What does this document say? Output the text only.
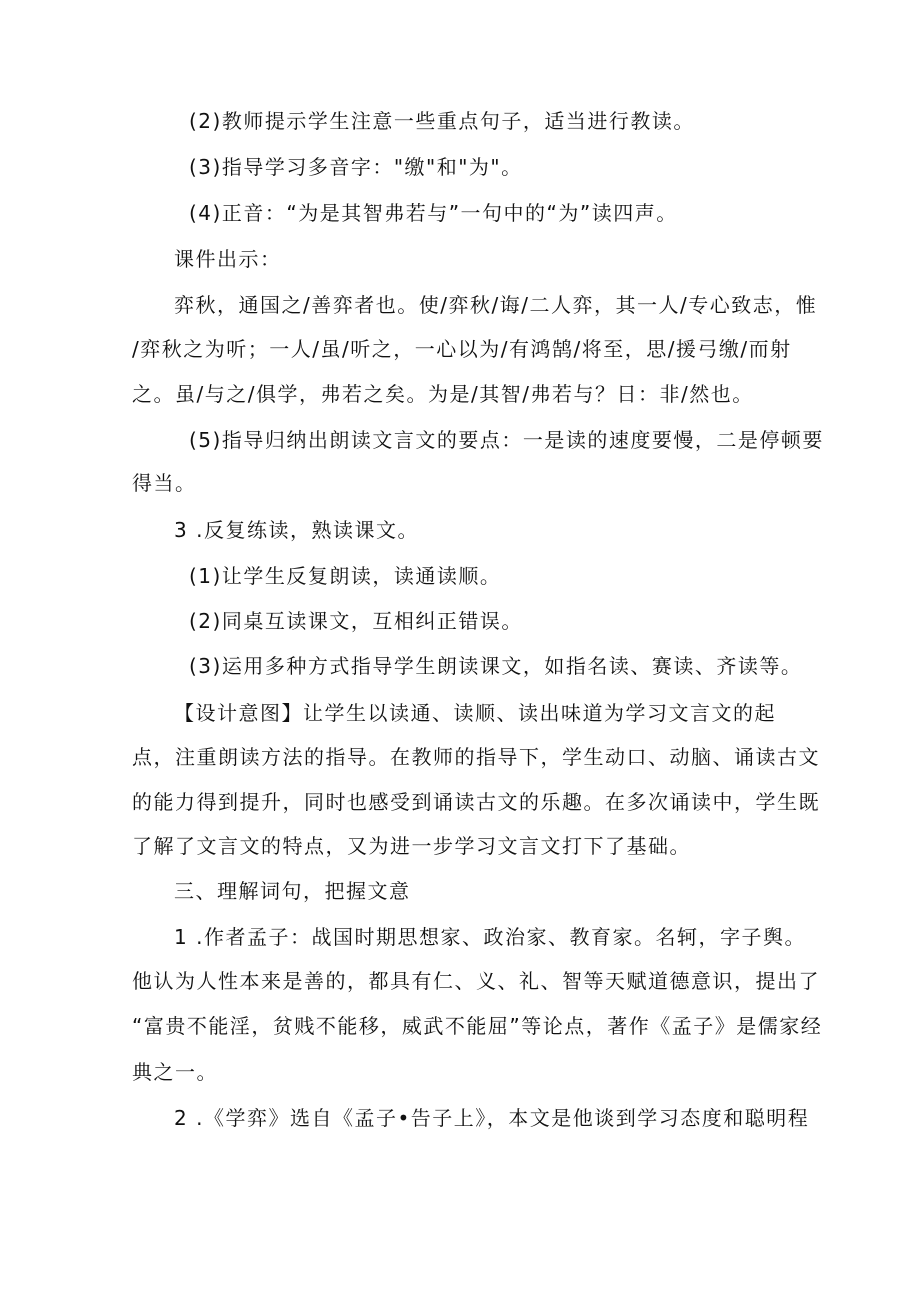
(2)教师提示学生注意一些重点句子，适当进行教读。
(3)指导学习多音字："缴"和"为"。
(4)正音：“为是其智弗若与”一句中的“为”读四声。
课件出示：
弈秋，通国之/善弈者也。使/弈秋/诲/二人弈，其一人/专心致志，惟
/弈秋之为听；一人/虽/听之，一心以为/有鸿鹄/将至，思/援弓缴/而射
之。虽/与之/俱学，弗若之矣。为是/其智/弗若与？日：非/然也。
(5)指导归纳出朗读文言文的要点：一是读的速度要慢，二是停顿要
得当。
3 .反复练读，熟读课文。
(1)让学生反复朗读，读通读顺。
(2)同桌互读课文，互相纠正错误。
(3)运用多种方式指导学生朗读课文，如指名读、赛读、齐读等。
【设计意图】让学生以读通、读顺、读出味道为学习文言文的起
点，注重朗读方法的指导。在教师的指导下，学生动口、动脑、诵读古文
的能力得到提升，同时也感受到诵读古文的乐趣。在多次诵读中，学生既
了解了文言文的特点，又为进一步学习文言文打下了基础。
三、理解词句，把握文意
1 .作者孟子：战国时期思想家、政治家、教育家。名轲，字子舆。
他认为人性本来是善的，都具有仁、义、礼、智等天赋道德意识，提出了
“富贵不能淫，贫贱不能移，威武不能屈”等论点，著作《孟子》是儒家经
典之一。
2 .《学弈》选自《孟子•告子上》，本文是他谈到学习态度和聪明程
